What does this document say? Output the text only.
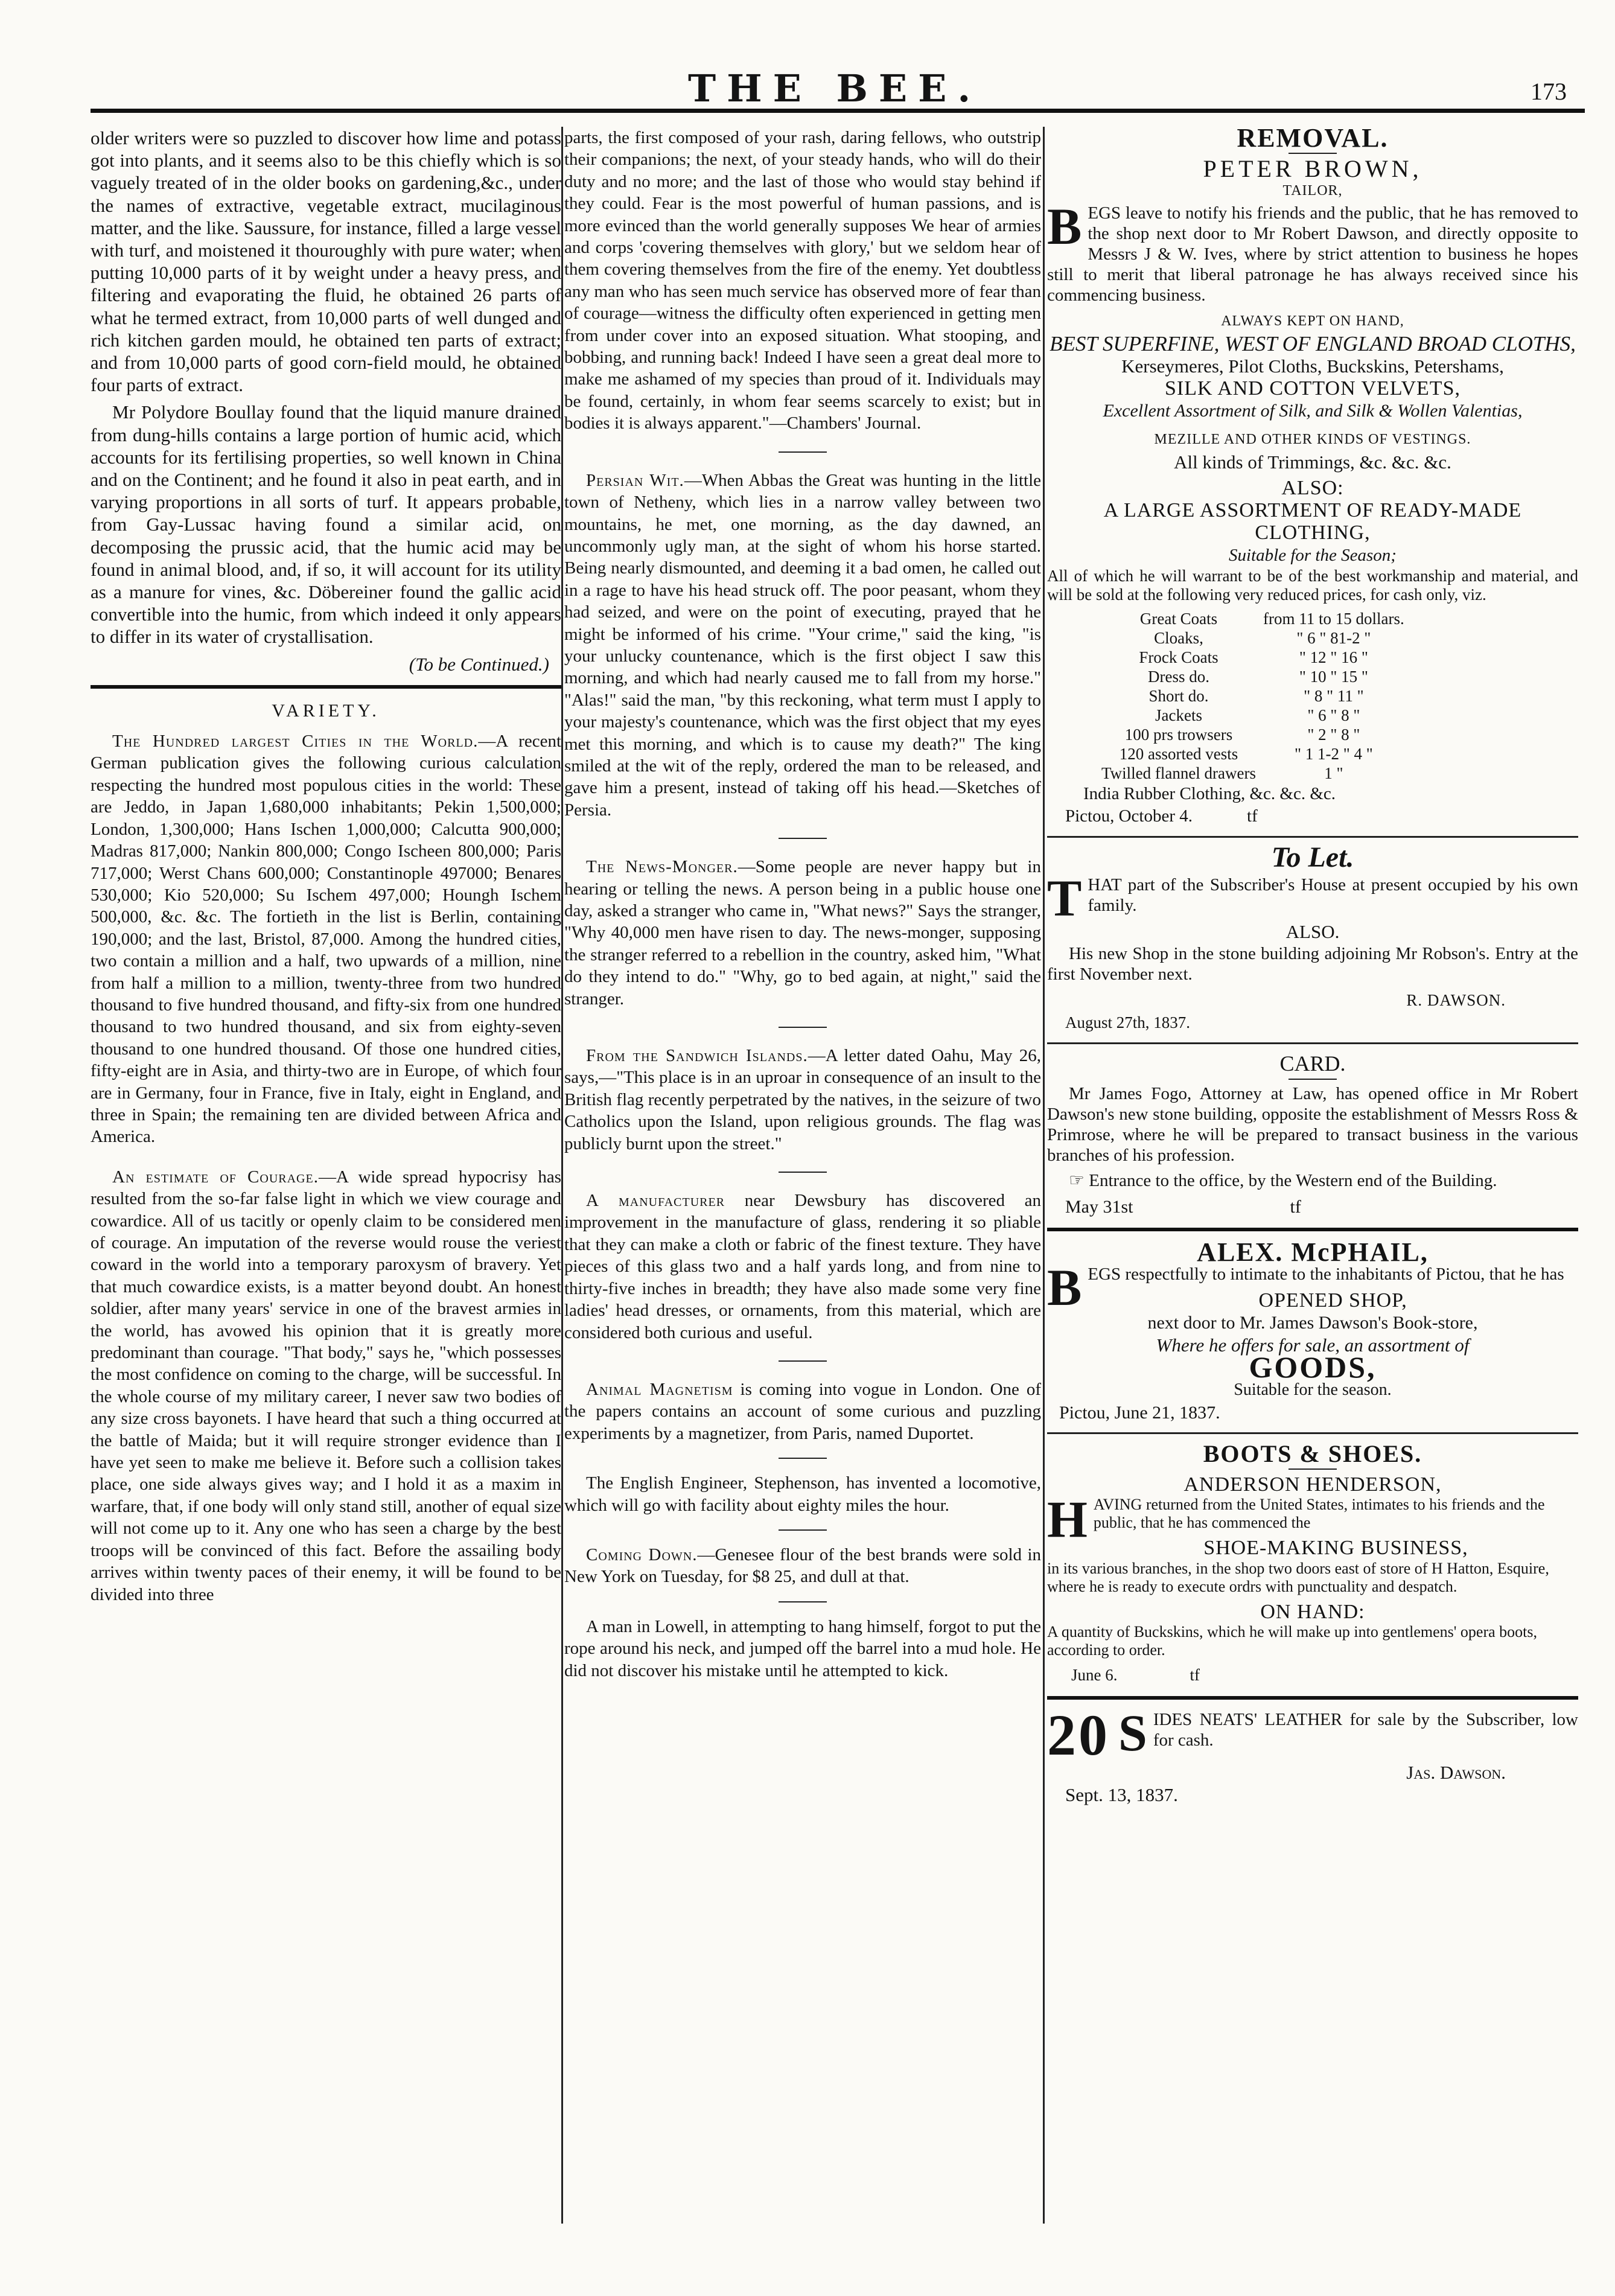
THE BEE.	173

older writers were so puzzled to discover how lime and potass got into plants, and it seems also to be this chiefly which is so vaguely treated of in the older books on gardening,&c., under the names of extractive, vegetable extract, mucilaginous matter, and the like. Saussure, for instance, filled a large vessel with turf, and moistened it thouroughly with pure water; when putting 10,000 parts of it by weight under a heavy press, and filtering and evaporating the fluid, he obtained 26 parts of what he termed extract, from 10,000 parts of well dunged and rich kitchen garden mould, he obtained ten parts of extract; and from 10,000 parts of good corn-field mould, he obtained four parts of extract.

Mr Polydore Boullay found that the liquid manure drained from dung-hills contains a large portion of humic acid, which accounts for its fertilising properties, so well known in China and on the Continent; and he found it also in peat earth, and in varying proportions in all sorts of turf. It appears probable, from Gay-Lussac having found a similar acid, on decomposing the prussic acid, that the humic acid may be found in animal blood, and, if so, it will account for its utility as a manure for vines, &c. Döbereiner found the gallic acid convertible into the humic, from which indeed it only appears to differ in its water of crystallisation.

(To be Continued.)
VARIETY.

The Hundred largest Cities in the World.—A recent German publication gives the following curious calculation respecting the hundred most populous cities in the world: These are Jeddo, in Japan 1,680,000 inhabitants; Pekin 1,500,000; London, 1,300,000; Hans Ischen 1,000,000; Calcutta 900,000; Madras 817,000; Nankin 800,000; Congo Ischeen 800,000; Paris 717,000; Werst Chans 600,000; Constantinople 497000; Benares 530,000; Kio 520,000; Su Ischem 497,000; Houngh Ischem 500,000, &c. &c. The fortieth in the list is Berlin, containing 190,000; and the last, Bristol, 87,000. Among the hundred cities, two contain a million and a half, two upwards of a million, nine from half a million to a million, twenty-three from two hundred thousand to five hundred thousand, and fifty-six from one hundred thousand to two hundred thousand, and six from eighty-seven thousand to one hundred thousand. Of those one hundred cities, fifty-eight are in Asia, and thirty-two are in Europe, of which four are in Germany, four in France, five in Italy, eight in England, and three in Spain; the remaining ten are divided between Africa and America.

An estimate of Courage.—A wide spread hypocrisy has resulted from the so-far false light in which we view courage and cowardice. All of us tacitly or openly claim to be considered men of courage. An imputation of the reverse would rouse the veriest coward in the world into a temporary paroxysm of bravery. Yet that much cowardice exists, is a matter beyond doubt. An honest soldier, after many years' service in one of the bravest armies in the world, has avowed his opinion that it is greatly more predominant than courage. "That body," says he, "which possesses the most confidence on coming to the charge, will be successful. In the whole course of my military career, I never saw two bodies of any size cross bayonets. I have heard that such a thing occurred at the battle of Maida; but it will require stronger evidence than I have yet seen to make me believe it. Before such a collision takes place, one side always gives way; and I hold it as a maxim in warfare, that, if one body will only stand still, another of equal size will not come up to it. Any one who has seen a charge by the best troops will be convinced of this fact. Before the assailing body arrives within twenty paces of their enemy, it will be found to be divided into three

parts, the first composed of your rash, daring fellows, who outstrip their companions; the next, of your steady hands, who will do their duty and no more; and the last of those who would stay behind if they could. Fear is the most powerful of human passions, and is more evinced than the world generally supposes We hear of armies and corps 'covering themselves with glory,' but we seldom hear of them covering themselves from the fire of the enemy. Yet doubtless any man who has seen much service has observed more of fear than of courage—witness the difficulty often experienced in getting men from under cover into an exposed situation. What stooping, and bobbing, and running back! Indeed I have seen a great deal more to make me ashamed of my species than proud of it. Individuals may be found, certainly, in whom fear seems scarcely to exist; but in bodies it is always apparent."—Chambers' Journal.

Persian Wit.—When Abbas the Great was hunting in the little town of Netheny, which lies in a narrow valley between two mountains, he met, one morning, as the day dawned, an uncommonly ugly man, at the sight of whom his horse started. Being nearly dismounted, and deeming it a bad omen, he called out in a rage to have his head struck off. The poor peasant, whom they had seized, and were on the point of executing, prayed that he might be informed of his crime. "Your crime," said the king, "is your unlucky countenance, which is the first object I saw this morning, and which had nearly caused me to fall from my horse." "Alas!" said the man, "by this reckoning, what term must I apply to your majesty's countenance, which was the first object that my eyes met this morning, and which is to cause my death?" The king smiled at the wit of the reply, ordered the man to be released, and gave him a present, instead of taking off his head.—Sketches of Persia.

The News-Monger.—Some people are never happy but in hearing or telling the news. A person being in a public house one day, asked a stranger who came in, "What news?" Says the stranger, "Why 40,000 men have risen to day. The news-monger, supposing the stranger referred to a rebellion in the country, asked him, "What do they intend to do." "Why, go to bed again, at night," said the stranger.

From the Sandwich Islands.—A letter dated Oahu, May 26, says,—"This place is in an uproar in consequence of an insult to the British flag recently perpetrated by the natives, in the seizure of two Catholics upon the Island, upon religious grounds. The flag was publicly burnt upon the street."

A manufacturer near Dewsbury has discovered an improvement in the manufacture of glass, rendering it so pliable that they can make a cloth or fabric of the finest texture. They have pieces of this glass two and a half yards long, and from nine to thirty-five inches in breadth; they have also made some very fine ladies' head dresses, or ornaments, from this material, which are considered both curious and useful.

Animal Magnetism is coming into vogue in London. One of the papers contains an account of some curious and puzzling experiments by a magnetizer, from Paris, named Duportet.

The English Engineer, Stephenson, has invented a locomotive, which will go with facility about eighty miles the hour.

Coming Down.—Genesee flour of the best brands were sold in New York on Tuesday, for $8 25, and dull at that.

A man in Lowell, in attempting to hang himself, forgot to put the rope around his neck, and jumped off the barrel into a mud hole. He did not discover his mistake until he attempted to kick.

REMOVAL.
PETER BROWN,
TAILOR,

BEGS leave to notify his friends and the public, that he has removed to the shop next door to Mr Robert Dawson, and directly opposite to Messrs J & W. Ives, where by strict attention to business he hopes still to merit that liberal patronage he has always received since his commencing business.

ALWAYS KEPT ON HAND,
BEST SUPERFINE, WEST OF ENGLAND BROAD CLOTHS,
Kerseymeres, Pilot Cloths, Buckskins, Petershams,
SILK AND COTTON VELVETS,
Excellent Assortment of Silk, and Silk & Wollen Valentias,
MEZILLE AND OTHER KINDS OF VESTINGS.
All kinds of Trimmings, &c. &c. &c.
ALSO:
A LARGE ASSORTMENT OF READY-MADE CLOTHING,
Suitable for the Season;

All of which he will warrant to be of the best workmanship and material, and will be sold at the following very reduced prices, for cash only, viz.

Great Coats	from 11 to 15 dollars.
Cloaks,	" 6 " 81-2 "
Frock Coats	" 12 " 16 "
Dress do.	" 10 " 15 "
Short do.	" 8 " 11 "
Jackets	" 6 " 8 "
100 prs trowsers	" 2 " 8 "
120 assorted vests	" 1 1-2 " 4 "
Twilled flannel drawers	1 "
India Rubber Clothing, &c. &c. &c.
Pictou, October 4.	tf
To Let.

THAT part of the Subscriber's House at present occupied by his own family.

ALSO.

His new Shop in the stone building adjoining Mr Robson's. Entry at the first November next.

R. DAWSON.
August 27th, 1837.
CARD.

Mr James Fogo, Attorney at Law, has opened office in Mr Robert Dawson's new stone building, opposite the establishment of Messrs Ross & Primrose, where he will be prepared to transact business in the various branches of his profession.

☞ Entrance to the office, by the Western end of the Building.

May 31st	tf
ALEX. McPHAIL,

BEGS respectfully to intimate to the inhabitants of Pictou, that he has

OPENED SHOP,
next door to Mr. James Dawson's Book-store,
Where he offers for sale, an assortment of
GOODS,
Suitable for the season.
Pictou, June 21, 1837.
BOOTS & SHOES.
ANDERSON HENDERSON,

HAVING returned from the United States, intimates to his friends and the public, that he has commenced the

SHOE-MAKING BUSINESS,

in its various branches, in the shop two doors east of store of H Hatton, Esquire, where he is ready to execute ordrs with punctuality and despatch.

ON HAND:

A quantity of Buckskins, which he will make up into gentlemens' opera boots, according to order.

June 6.	tf

20 S IDES NEATS' LEATHER for sale by the Subscriber, low for cash.

Jas. Dawson.
Sept. 13, 1837.
